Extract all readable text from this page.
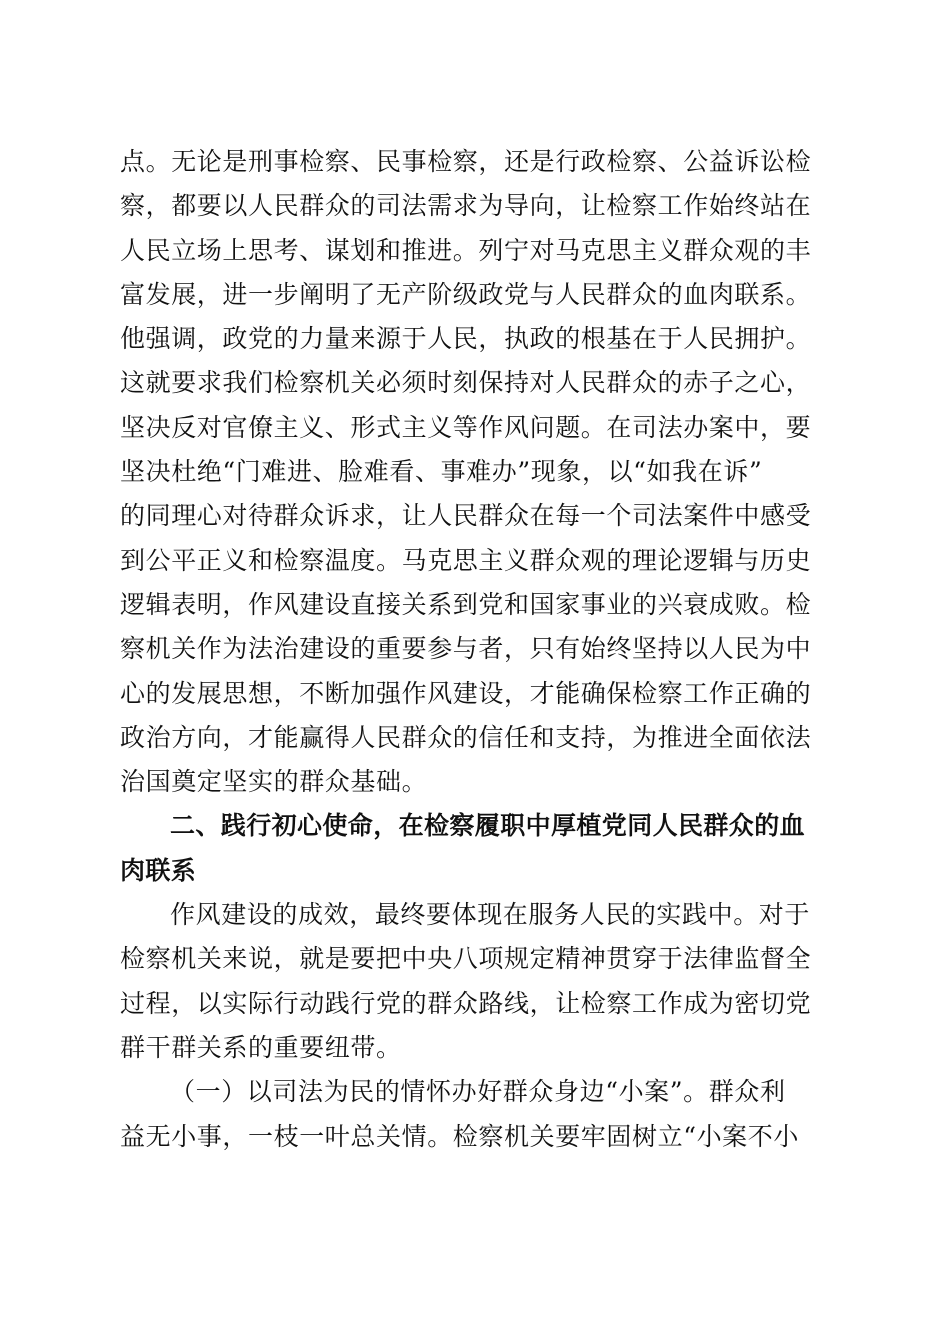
点。无论是刑事检察、民事检察，还是行政检察、公益诉讼检
察，都要以人民群众的司法需求为导向，让检察工作始终站在
人民立场上思考、谋划和推进。列宁对马克思主义群众观的丰
富发展，进一步阐明了无产阶级政党与人民群众的血肉联系。
他强调，政党的力量来源于人民，执政的根基在于人民拥护。
这就要求我们检察机关必须时刻保持对人民群众的赤子之心，
坚决反对官僚主义、形式主义等作风问题。在司法办案中，要
坚决杜绝“门难进、脸难看、事难办”现象，以“如我在诉”
的同理心对待群众诉求，让人民群众在每一个司法案件中感受
到公平正义和检察温度。马克思主义群众观的理论逻辑与历史
逻辑表明，作风建设直接关系到党和国家事业的兴衰成败。检
察机关作为法治建设的重要参与者，只有始终坚持以人民为中
心的发展思想，不断加强作风建设，才能确保检察工作正确的
政治方向，才能赢得人民群众的信任和支持，为推进全面依法
治国奠定坚实的群众基础。
二、践行初心使命，在检察履职中厚植党同人民群众的血
肉联系
作风建设的成效，最终要体现在服务人民的实践中。对于
检察机关来说，就是要把中央八项规定精神贯穿于法律监督全
过程，以实际行动践行党的群众路线，让检察工作成为密切党
群干群关系的重要纽带。
（一）以司法为民的情怀办好群众身边“小案”。群众利
益无小事，一枝一叶总关情。检察机关要牢固树立“小案不小
